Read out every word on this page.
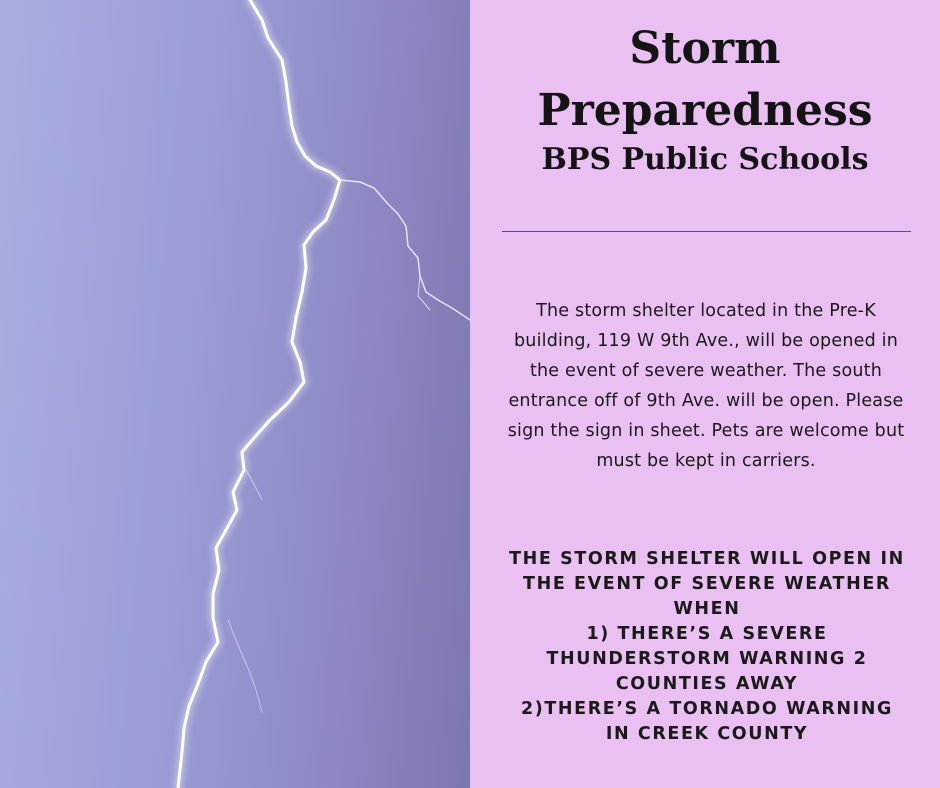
Storm
Preparedness
BPS Public Schools

The storm shelter located in the Pre-K building, 119 W 9th Ave., will be opened in the event of severe weather. The south entrance off of 9th Ave. will be open. Please sign the sign in sheet. Pets are welcome but must be kept in carriers.

THE STORM SHELTER WILL OPEN IN
THE EVENT OF SEVERE WEATHER
WHEN
1) THERE’S A SEVERE
THUNDERSTORM WARNING 2
COUNTIES AWAY
2)THERE’S A TORNADO WARNING
IN CREEK COUNTY
